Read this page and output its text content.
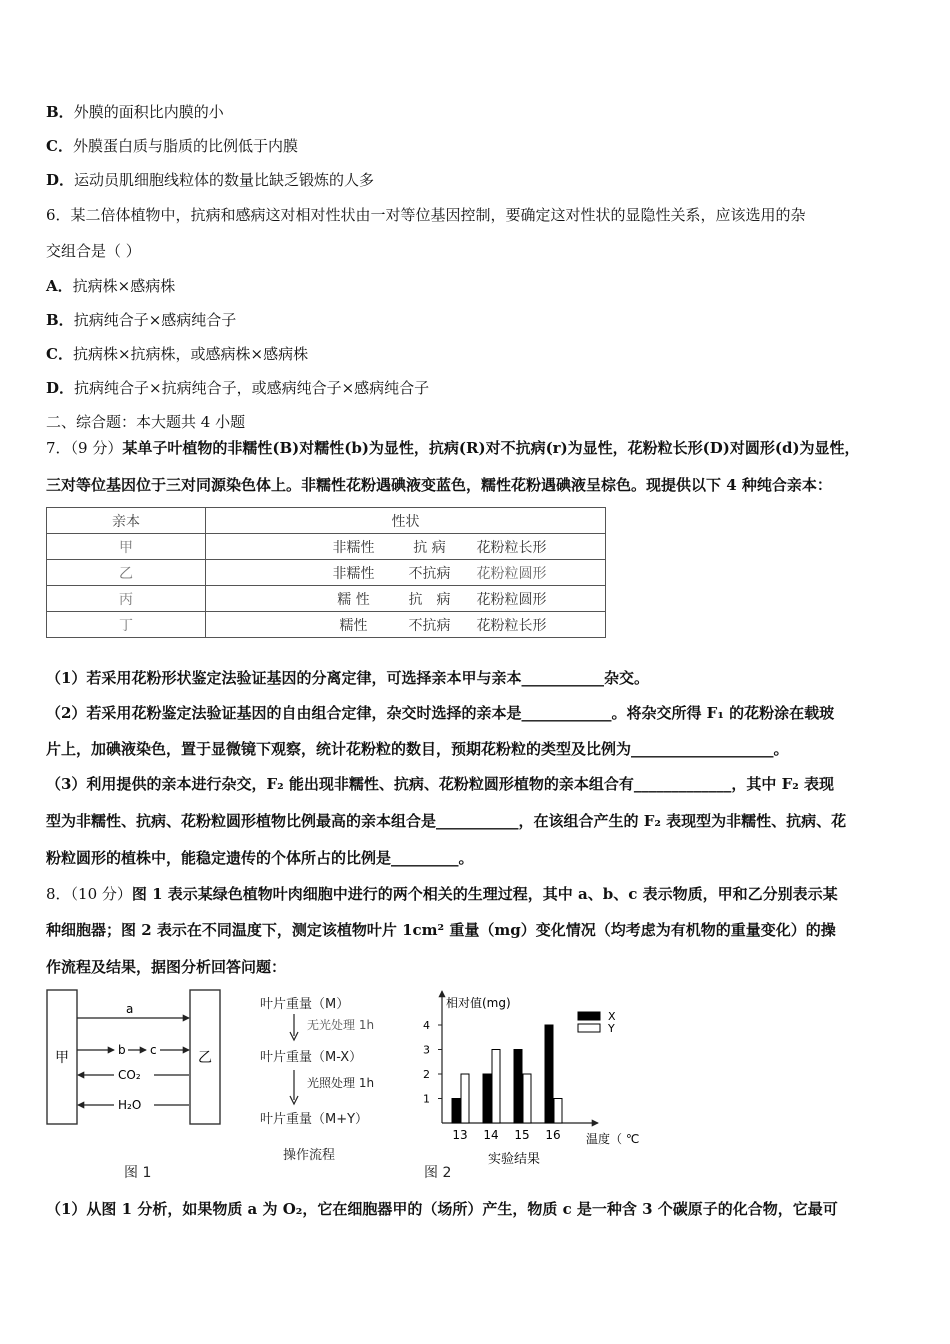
B．外膜的面积比内膜的小
C．外膜蛋白质与脂质的比例低于内膜
D．运动员肌细胞线粒体的数量比缺乏锻炼的人多
6．某二倍体植物中，抗病和感病这对相对性状由一对等位基因控制，要确定这对性状的显隐性关系，应该选用的杂
交组合是（ ）
A．抗病株×感病株
B．抗病纯合子×感病纯合子
C．抗病株×抗病株，或感病株×感病株
D．抗病纯合子×抗病纯合子，或感病纯合子×感病纯合子
二、综合题：本大题共 4 小题
7．（9 分）某单子叶植物的非糯性(B)对糯性(b)为显性，抗病(R)对不抗病(r)为显性，花粉粒长形(D)对圆形(d)为显性，
三对等位基因位于三对同源染色体上。非糯性花粉遇碘液变蓝色，糯性花粉遇碘液呈棕色。现提供以下 4 种纯合亲本：
亲本	性状
甲	非糯性 抗 病 花粉粒长形
乙	非糯性 不抗病 花粉粒圆形
丙	糯 性 抗　病 花粉粒圆形
丁	糯性 不抗病 花粉粒长形
（1）若采用花粉形状鉴定法验证基因的分离定律，可选择亲本甲与亲本___________杂交。
（2）若采用花粉鉴定法验证基因的自由组合定律，杂交时选择的亲本是____________。将杂交所得 F₁ 的花粉涂在载玻
片上，加碘液染色，置于显微镜下观察，统计花粉粒的数目，预期花粉粒的类型及比例为___________________。
（3）利用提供的亲本进行杂交，F₂ 能出现非糯性、抗病、花粉粒圆形植物的亲本组合有_____________，其中 F₂ 表现
型为非糯性、抗病、花粉粒圆形植物比例最高的亲本组合是___________，在该组合产生的 F₂ 表现型为非糯性、抗病、花
粉粒圆形的植株中，能稳定遗传的个体所占的比例是_________。
8．（10 分）图 1 表示某绿色植物叶肉细胞中进行的两个相关的生理过程，其中 a、b、c 表示物质，甲和乙分别表示某
种细胞器；图 2 表示在不同温度下，测定该植物叶片 1cm² 重量（mg）变化情况（均考虑为有机物的重量变化）的操
作流程及结果，据图分析回答问题：
甲	乙
a
b c
CO₂
H₂O
图 1
叶片重量（M）
无光处理 1h
叶片重量（M-X）
光照处理 1h
叶片重量（M+Y）
操作流程
相对值(mg)
温度（ ℃
实验结果
X
Y
13 14 15 16
1
2
3
4
图 2
（1）从图 1 分析，如果物质 a 为 O₂，它在细胞器甲的（场所）产生，物质 c 是一种含 3 个碳原子的化合物，它最可
